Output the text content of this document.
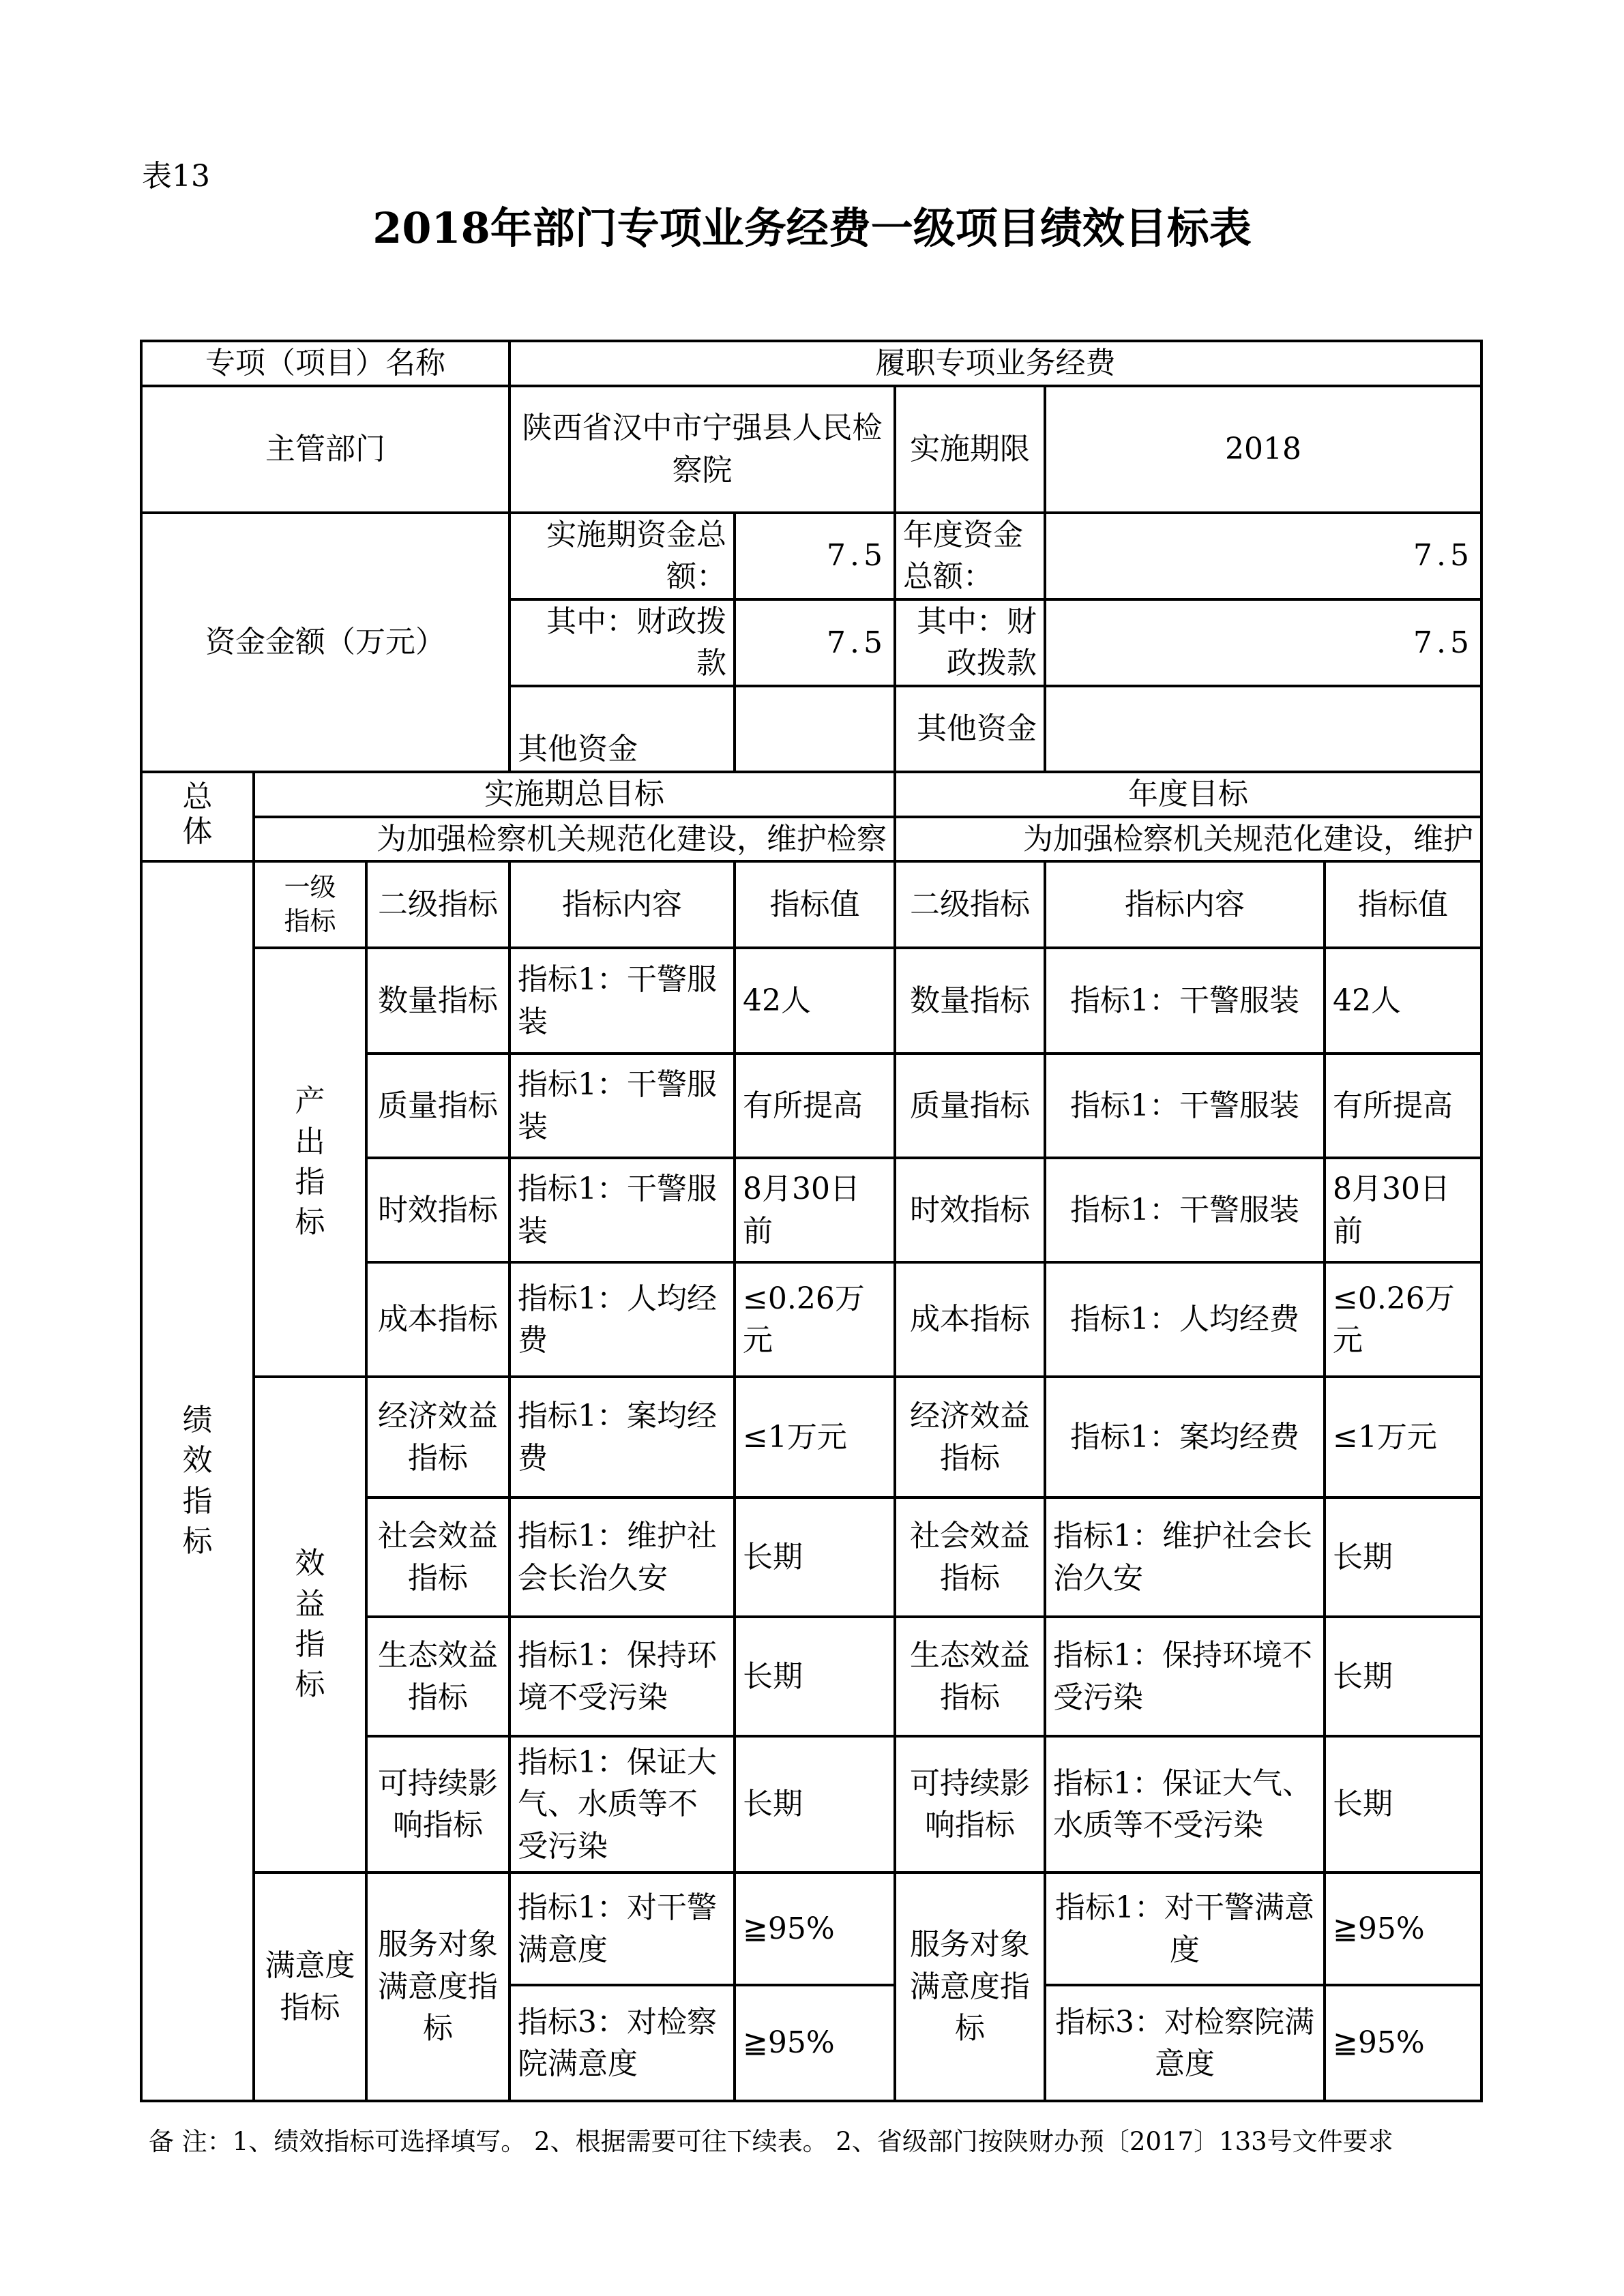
表13
2018年部门专项业务经费一级项目绩效目标表
专项（项目）名称			履职专项业务经费				
主管部门			陕西省汉中市宁强县人民检察院		实施期限	2018	
资金金额（万元）			实施期资金总额：	7.5	年度资金总额：	7.5	
			其中：财政拨款	7.5	其中：财政拨款	7.5	
			其他资金		其他资金		
总体	实施期总目标				年度目标		
	为加强检察机关规范化建设，维护检察				为加强检察机关规范化建设，维护		
绩效指标	一级指标	二级指标	指标内容	指标值	二级指标	指标内容	指标值
	产出指标	数量指标	指标1：干警服装	42人	数量指标	指标1：干警服装	42人
		质量指标	指标1：干警服装	有所提高	质量指标	指标1：干警服装	有所提高
		时效指标	指标1：干警服装	8月30日前	时效指标	指标1：干警服装	8月30日前
		成本指标	指标1：人均经费	≤0.26万元	成本指标	指标1：人均经费	≤0.26万元
	效益指标	经济效益指标	指标1：案均经费	≤1万元	经济效益指标	指标1：案均经费	≤1万元
		社会效益指标	指标1：维护社会长治久安	长期	社会效益指标	指标1：维护社会长治久安	长期
		生态效益指标	指标1：保持环境不受污染	长期	生态效益指标	指标1：保持环境不受污染	长期
		可持续影响指标	指标1：保证大气、水质等不受污染	长期	可持续影响指标	指标1：保证大气、水质等不受污染	长期
	满意度指标	服务对象满意度指标	指标1：对干警满意度	≧95%	服务对象满意度指标	指标1：对干警满意度	≧95%
			指标3：对检察院满意度	≧95%		指标3：对检察院满意度	≧95%
备 注：1、绩效指标可选择填写。 2、根据需要可往下续表。 2、省级部门按陕财办预〔2017〕133号文件要求
